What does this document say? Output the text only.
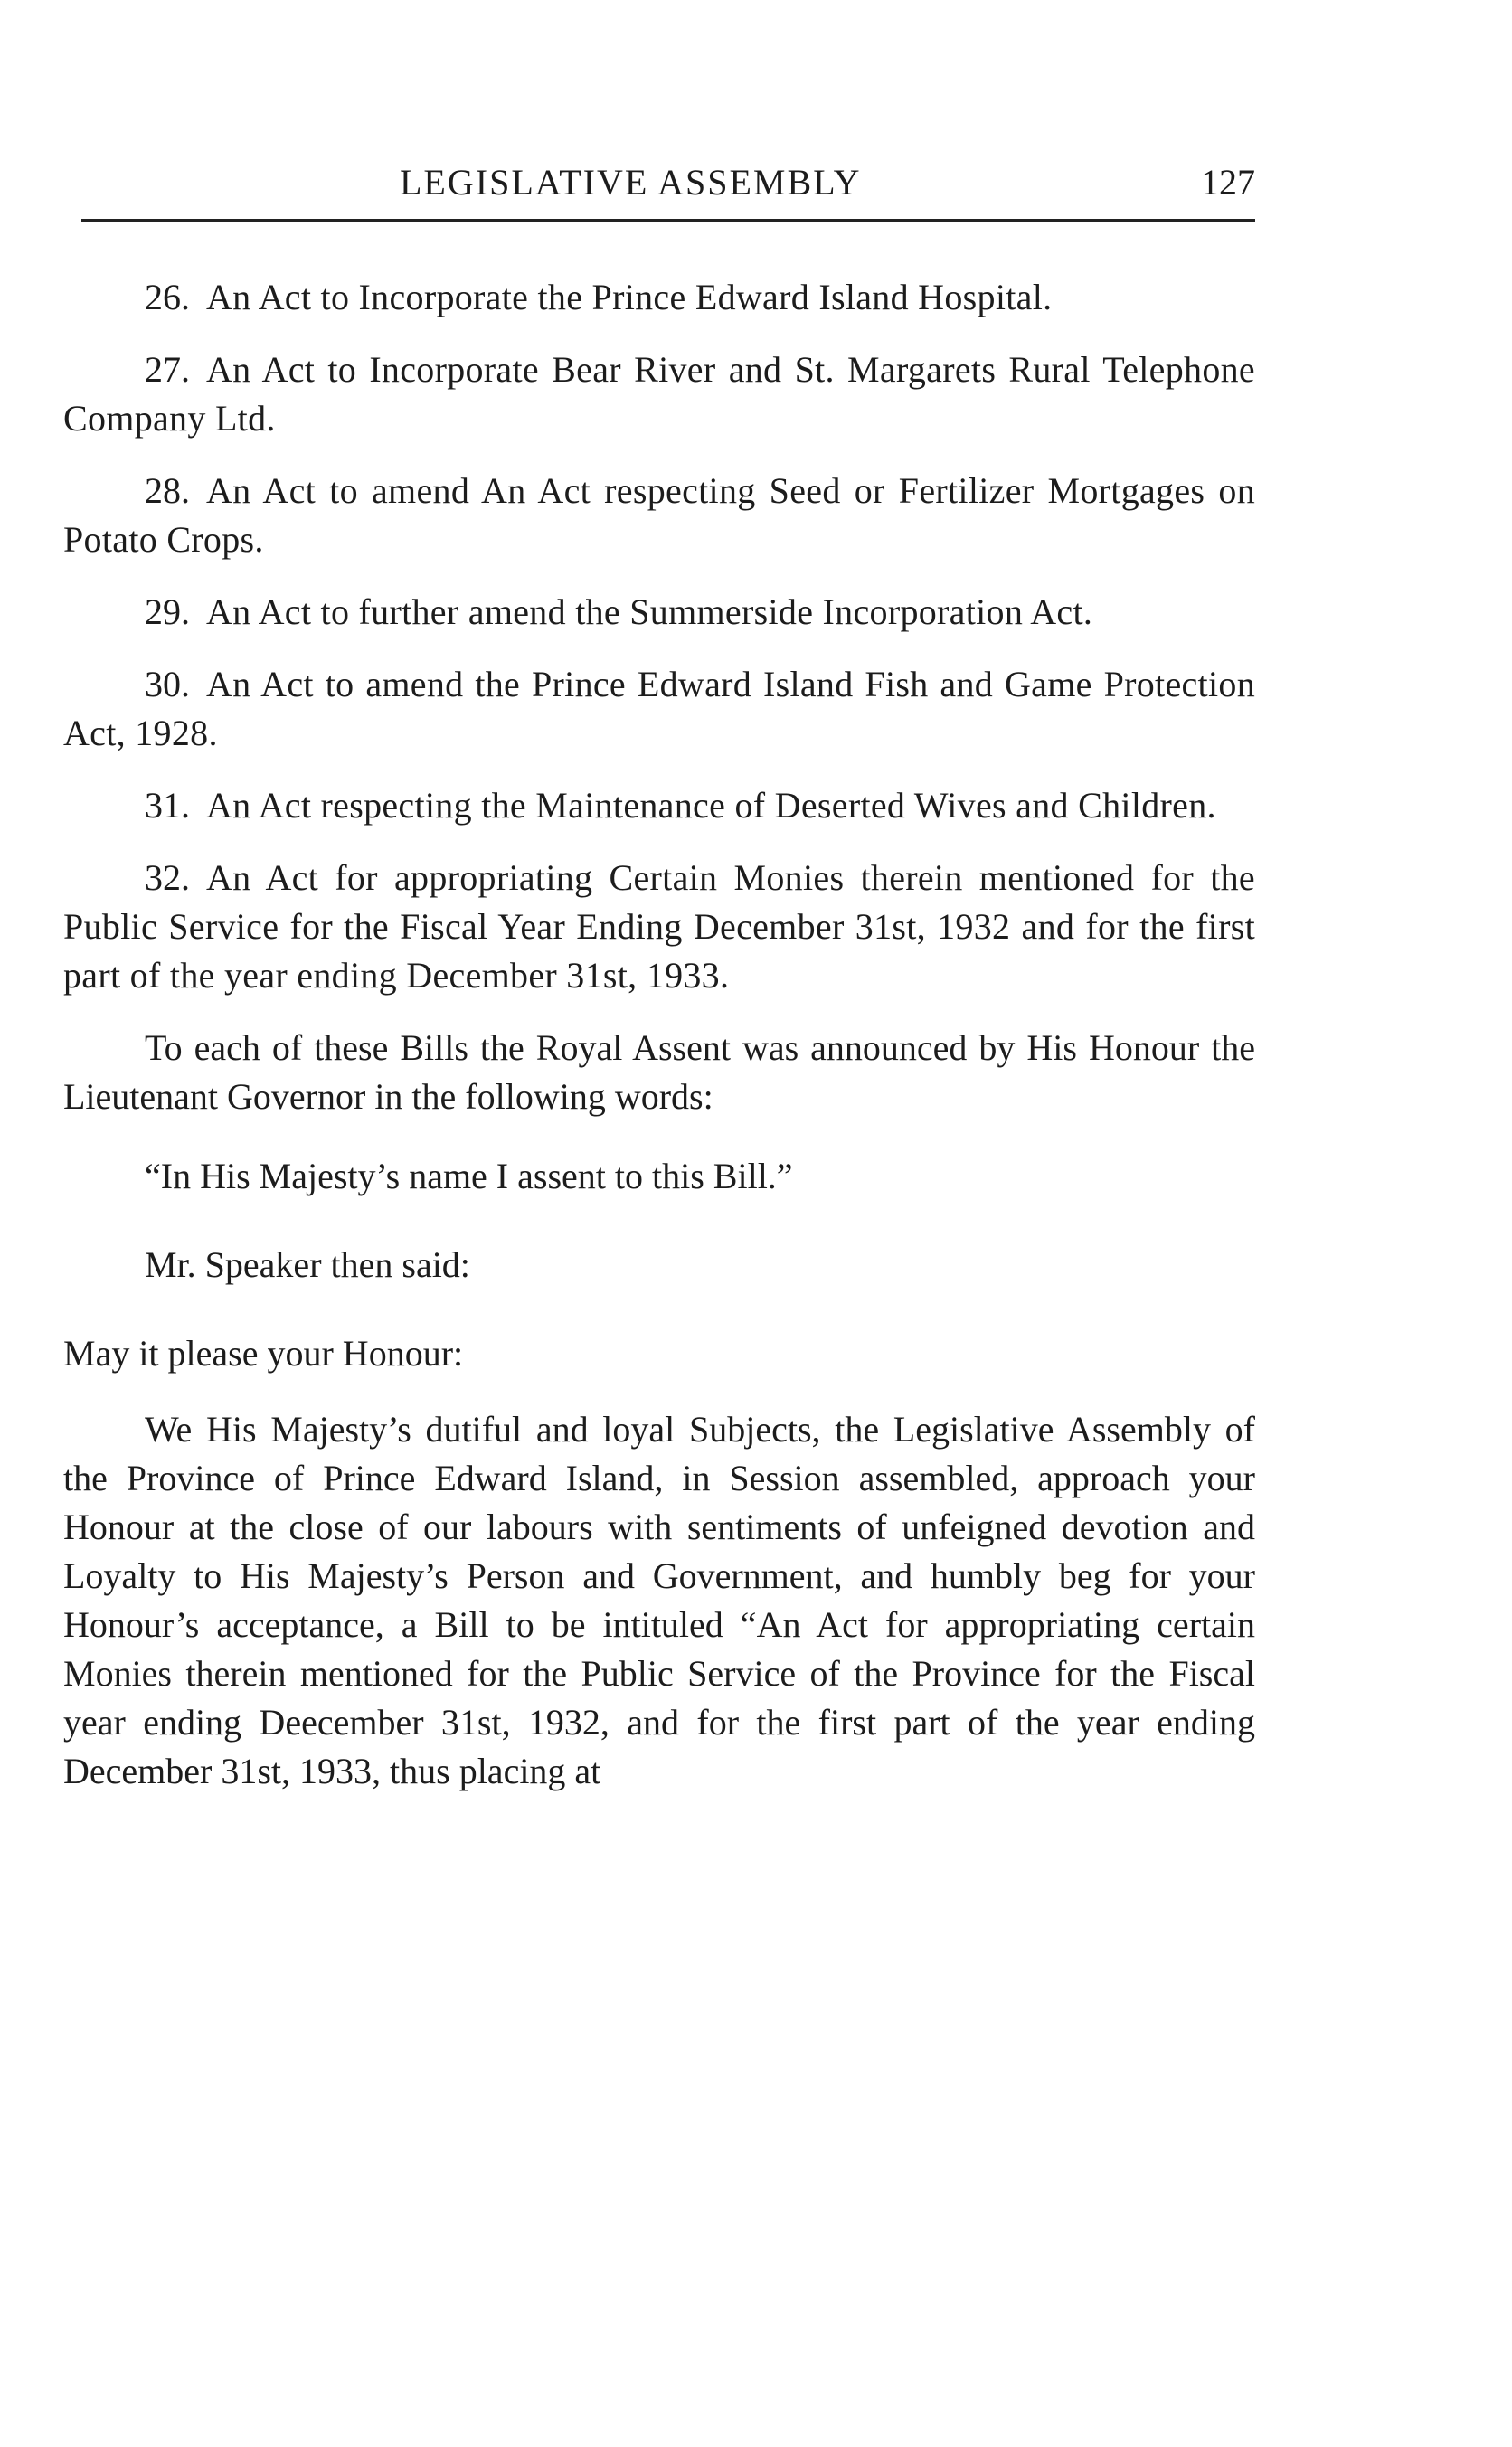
LEGISLATIVE ASSEMBLY	127

26. An Act to Incorporate the Prince Edward Island Hospital.

27. An Act to Incorporate Bear River and St. Margarets Rural Telephone Company Ltd.

28. An Act to amend An Act respecting Seed or Fertilizer Mortgages on Potato Crops.

29. An Act to further amend the Summerside Incorporation Act.

30. An Act to amend the Prince Edward Island Fish and Game Protection Act, 1928.

31. An Act respecting the Maintenance of Deserted Wives and Children.

32. An Act for appropriating Certain Monies therein mentioned for the Public Service for the Fiscal Year Ending December 31st, 1932 and for the first part of the year ending December 31st, 1933.

To each of these Bills the Royal Assent was announced by His Honour the Lieutenant Governor in the following words:

“In His Majesty’s name I assent to this Bill.”

Mr. Speaker then said:

May it please your Honour:

We His Majesty’s dutiful and loyal Subjects, the Legislative Assembly of the Province of Prince Edward Island, in Session assembled, approach your Honour at the close of our labours with sentiments of unfeigned devotion and Loyalty to His Majesty’s Person and Government, and humbly beg for your Honour’s acceptance, a Bill to be intituled “An Act for appropriating certain Monies therein mentioned for the Public Service of the Province for the Fiscal year ending Deecember 31st, 1932, and for the first part of the year ending December 31st, 1933, thus placing at
